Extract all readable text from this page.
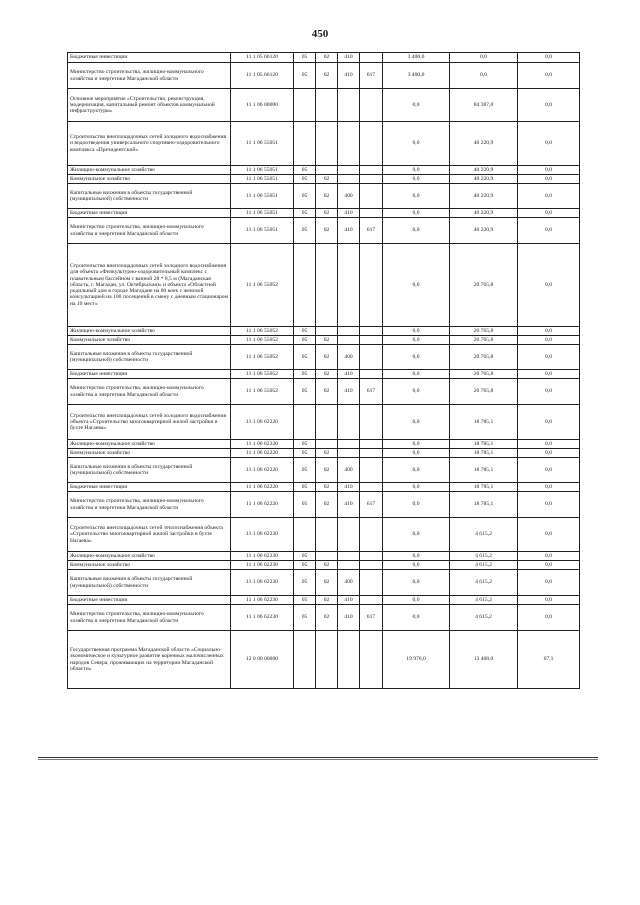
450
Бюджетные инвестиции	11 1 05 66120	05	02	410		3 400,0	0,0	0,0
Министерство строительства, жилищно-коммунального хозяйства и энергетики Магаданской области	11 1 05 66120	05	02	410	617	3 400,0	0,0	0,0
Основное мероприятие «Строительство, реконструкция, модернизация, капитальный ремонт объектов коммунальной инфраструктуры»	11 1 06 00000					0,0	84 387,0	0,0
Строительство внеплощадочных сетей холодного водоснабжения и водоотведения универсального спортивно-оздоровительного комплекса «Президентский»	11 1 06 55051					0,0	40 220,9	0,0
Жилищно-коммунальное хозяйство	11 1 06 55051	05				0,0	40 220,9	0,0
Коммунальное хозяйство	11 1 06 55051	05	02			0,0	40 220,9	0,0
Капитальные вложения в объекты государственной (муниципальной) собственности	11 1 06 55051	05	02	400		0,0	40 220,9	0,0
Бюджетные инвестиции	11 1 06 55051	05	02	410		0,0	40 220,9	0,0
Министерство строительства, жилищно-коммунального хозяйства и энергетики Магаданской области	11 1 06 55051	05	02	410	617	0,0	40 220,9	0,0
Строительство внеплощадочных сетей холодного водоснабжения для объекта «Физкультурно-оздоровительный комплекс с плавательным бассейном с ванной 28 * 8,5 м (Магаданская область, г. Магадан, ул. Октябрьская)» и объекта «Областной родильный дом в городе Магадане на 80 коек с женской консультацией на 100 посещений в смену с дневным стационаром на 10 мест»	11 1 06 55052					0,0	20 765,8	0,0
Жилищно-коммунальное хозяйство	11 1 06 55052	05				0,0	20 765,8	0,0
Коммунальное хозяйство	11 1 06 55052	05	02			0,0	20 765,8	0,0
Капитальные вложения в объекты государственной (муниципальной) собственности	11 1 06 55052	05	02	400		0,0	20 765,8	0,0
Бюджетные инвестиции	11 1 06 55052	05	02	410		0,0	20 765,8	0,0
Министерство строительства, жилищно-коммунального хозяйства и энергетики Магаданской области	11 1 06 55052	05	02	410	617	0,0	20 765,8	0,0
Строительство внеплощадочных сетей холодного водоснабжения объекта «Строительство многоквартирной жилой застройки в бухте Нагаева»	11 1 06 62220					0,0	18 785,1	0,0
Жилищно-коммунальное хозяйство	11 1 06 62220	05				0,0	18 785,1	0,0
Коммунальное хозяйство	11 1 06 62220	05	02			0,0	18 785,1	0,0
Капитальные вложения в объекты государственной (муниципальной) собственности	11 1 06 62220	05	02	400		0,0	18 785,1	0,0
Бюджетные инвестиции	11 1 06 62220	05	02	410		0,0	18 785,1	0,0
Министерство строительства, жилищно-коммунального хозяйства и энергетики Магаданской области	11 1 06 62220	05	02	410	617	0,0	18 785,1	0,0
Строительство внеплощадочных сетей теплоснабжения объекта «Строительство многоквартирной жилой застройки в бухте Нагаева»	11 1 06 62230					0,0	4 615,2	0,0
Жилищно-коммунальное хозяйство	11 1 06 62230	05				0,0	4 615,2	0,0
Коммунальное хозяйство	11 1 06 62230	05	02			0,0	4 615,2	0,0
Капитальные вложения в объекты государственной (муниципальной) собственности	11 1 06 62230	05	02	400		0,0	4 615,2	0,0
Бюджетные инвестиции	11 1 06 62230	05	02	410		0,0	4 615,2	0,0
Министерство строительства, жилищно-коммунального хозяйства и энергетики Магаданской области	11 1 06 62230	05	02	410	617	0,0	4 615,2	0,0
Государственная программа Магаданской области «Социально-экономическое и культурное развитие коренных малочисленных народов Севера, проживающих на территории Магаданской области»	12 0 00 00000					19 976,0	13 408,0	67,1
